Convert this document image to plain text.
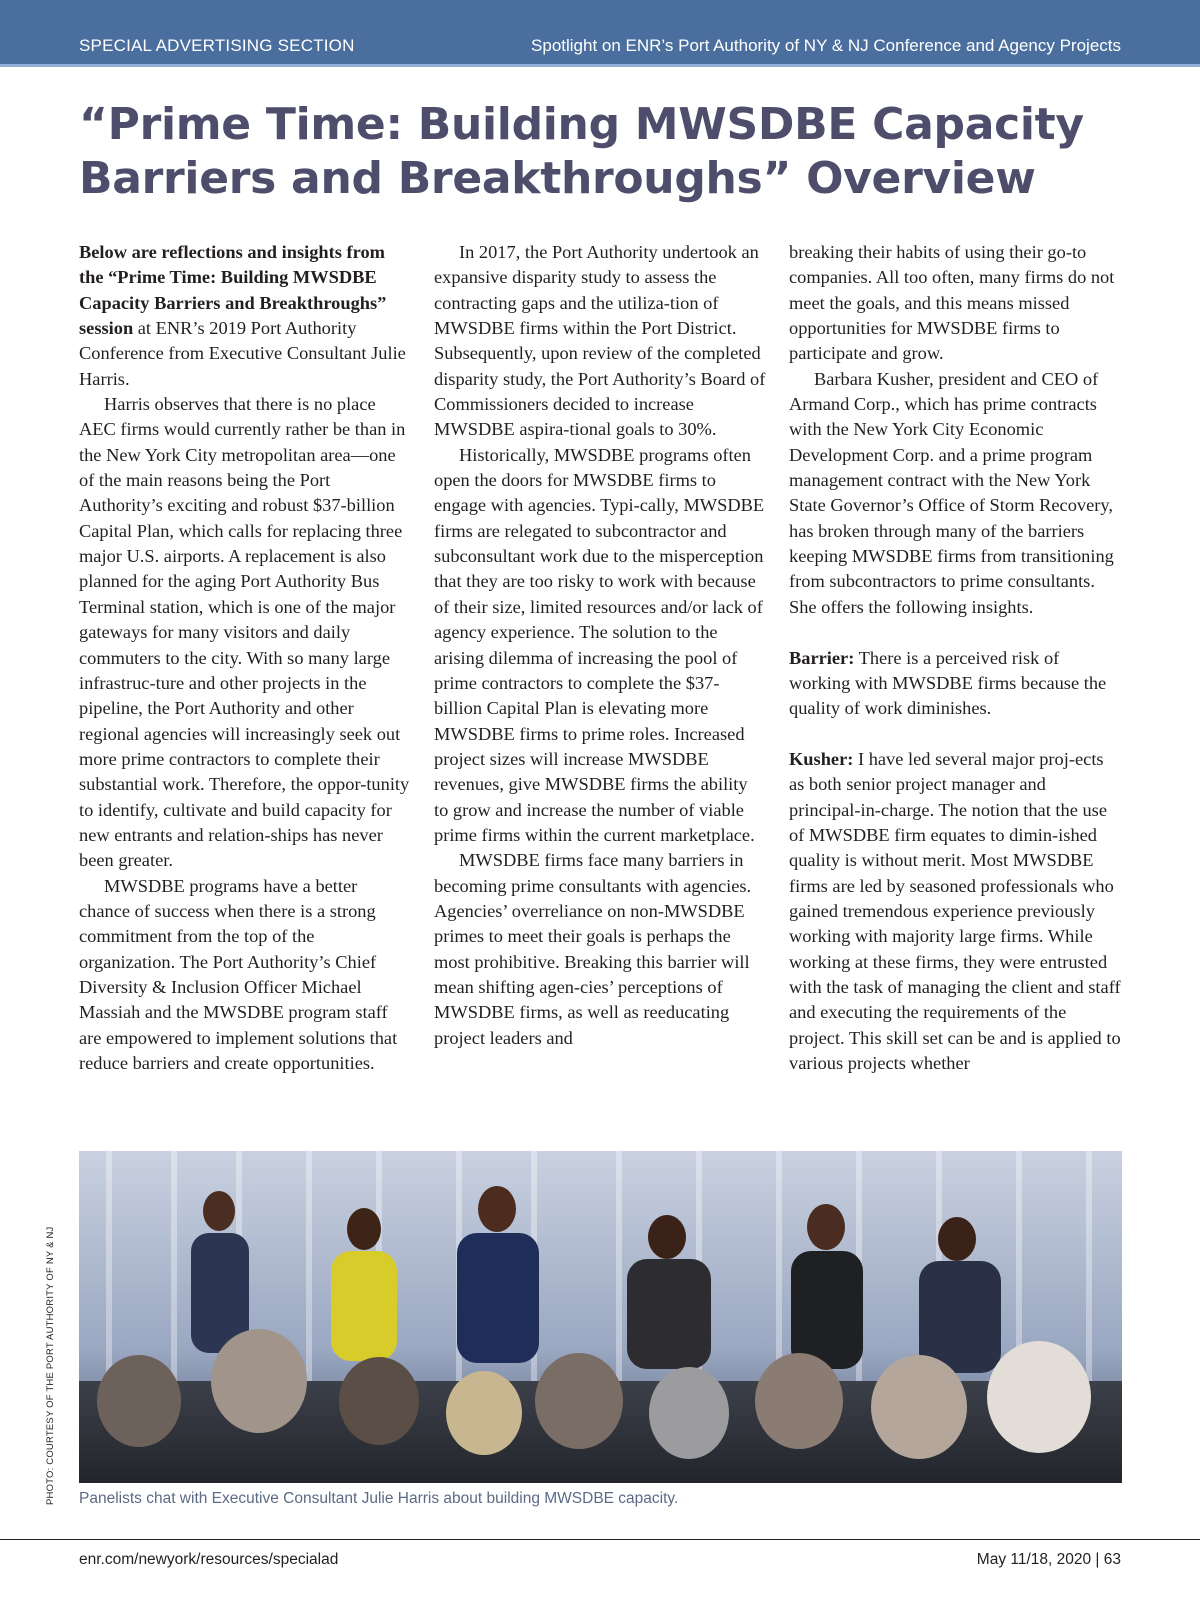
SPECIAL ADVERTISING SECTION	Spotlight on ENR’s Port Authority of NY & NJ Conference and Agency Projects
“Prime Time: Building MWSDBE Capacity
Barriers and Breakthroughs” Overview

Below are reflections and insights from the “Prime Time: Building MWSDBE Capacity Barriers and Breakthroughs” session at ENR’s 2019 Port Authority Conference from Executive Consultant Julie Harris.

Harris observes that there is no place AEC firms would currently rather be than in the New York City metropolitan area—one of the main reasons being the Port Authority’s exciting and robust $37-billion Capital Plan, which calls for replacing three major U.S. airports. A replacement is also planned for the aging Port Authority Bus Terminal station, which is one of the major gateways for many visitors and daily commuters to the city. With so many large infrastruc-ture and other projects in the pipeline, the Port Authority and other regional agencies will increasingly seek out more prime contractors to complete their substantial work. Therefore, the oppor-tunity to identify, cultivate and build capacity for new entrants and relation-ships has never been greater.

MWSDBE programs have a better chance of success when there is a strong commitment from the top of the organization. The Port Authority’s Chief Diversity & Inclusion Officer Michael Massiah and the MWSDBE program staff are empowered to implement solutions that reduce barriers and create opportunities.

In 2017, the Port Authority undertook an expansive disparity study to assess the contracting gaps and the utiliza-tion of MWSDBE firms within the Port District. Subsequently, upon review of the completed disparity study, the Port Authority’s Board of Commissioners decided to increase MWSDBE aspira-tional goals to 30%.

Historically, MWSDBE programs often open the doors for MWSDBE firms to engage with agencies. Typi-cally, MWSDBE firms are relegated to subcontractor and subconsultant work due to the misperception that they are too risky to work with because of their size, limited resources and/or lack of agency experience. The solution to the arising dilemma of increasing the pool of prime contractors to complete the $37-billion Capital Plan is elevating more MWSDBE firms to prime roles. Increased project sizes will increase MWSDBE revenues, give MWSDBE firms the ability to grow and increase the number of viable prime firms within the current marketplace.

MWSDBE firms face many barriers in becoming prime consultants with agencies. Agencies’ overreliance on non-MWSDBE primes to meet their goals is perhaps the most prohibitive. Breaking this barrier will mean shifting agen-cies’ perceptions of MWSDBE firms, as well as reeducating project leaders and

breaking their habits of using their go-to companies. All too often, many firms do not meet the goals, and this means missed opportunities for MWSDBE firms to participate and grow.

Barbara Kusher, president and CEO of Armand Corp., which has prime contracts with the New York City Economic Development Corp. and a prime program management contract with the New York State Governor’s Office of Storm Recovery, has broken through many of the barriers keeping MWSDBE firms from transitioning from subcontractors to prime consultants. She offers the following insights.

Barrier: There is a perceived risk of working with MWSDBE firms because the quality of work diminishes.

Kusher: I have led several major proj-ects as both senior project manager and principal-in-charge. The notion that the use of MWSDBE firm equates to dimin-ished quality is without merit. Most MWSDBE firms are led by seasoned professionals who gained tremendous experience previously working with majority large firms. While working at these firms, they were entrusted with the task of managing the client and staff and executing the requirements of the project. This skill set can be and is applied to various projects whether

PHOTO: COURTESY OF THE PORT AUTHORITY OF NY & NJ Panelists chat with Executive Consultant Julie Harris about building MWSDBE capacity.
enr.com/newyork/resources/specialad	May 11/18, 2020 | 63
